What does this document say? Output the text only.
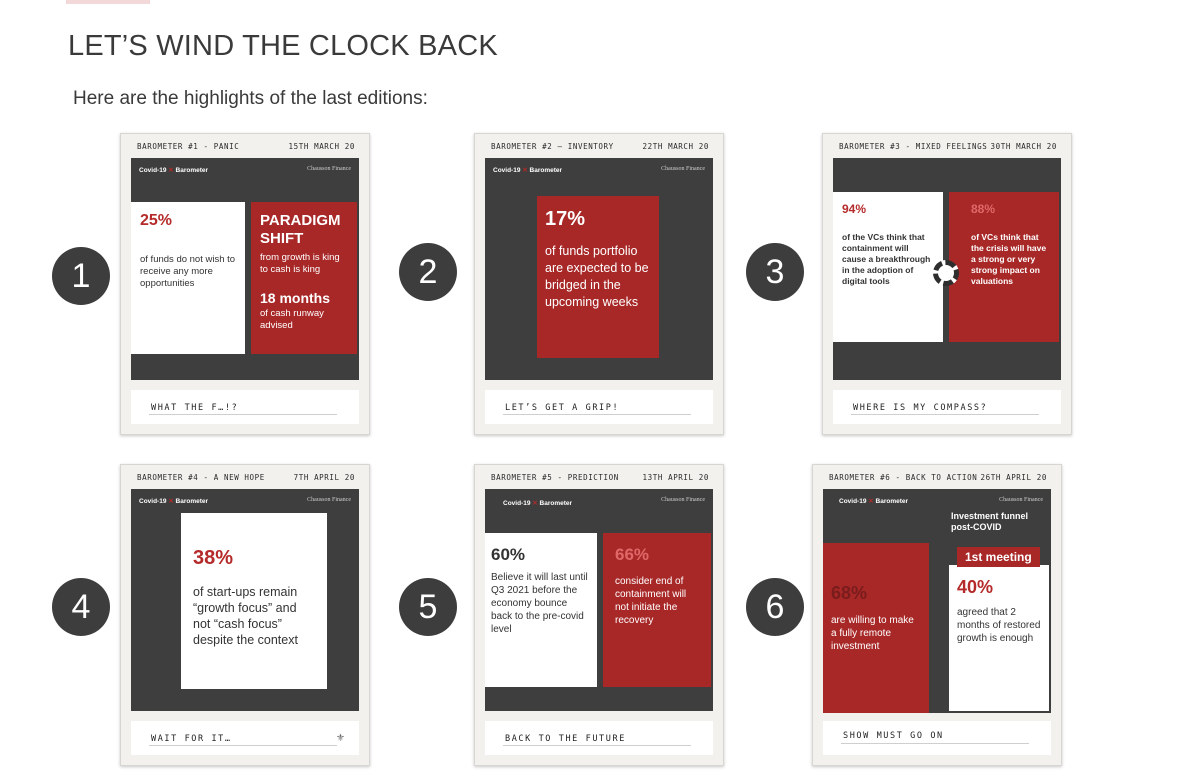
LET’S WIND THE CLOCK BACK

Here are the highlights of the last editions:

1	2	3
4	5	6
BAROMETER #1 - PANIC	15TH MARCH 20
Covid-19 ✕ Barometer	Chausson Finance
25%
of funds do not wish to receive any more opportunities
PARADIGM SHIFT
from growth is king to cash is king
18 months
of cash runway advised
WHAT THE F…!?
BAROMETER #2 — INVENTORY	22TH MARCH 20
Covid-19 ✕ Barometer	Chausson Finance
17%
of funds portfolio are expected to be bridged in the upcoming weeks
LET’S GET A GRIP!
BAROMETER #3 - MIXED FEELINGS 30TH MARCH 20
94%
of the VCs think that containment will cause a breakthrough in the adoption of digital tools
88%
of VCs think that the crisis will have a strong or very strong impact on valuations
WHERE IS MY COMPASS?
BAROMETER #4 - A NEW HOPE	7TH APRIL 20
Covid-19 ✕ Barometer	Chausson Finance
38%
of start-ups remain “growth focus” and not “cash focus” despite the context
WAIT FOR IT…	⚜
BAROMETER #5 - PREDICTION	13TH APRIL 20
Covid-19 ✕ Barometer	Chausson Finance
60%
Believe it will last until Q3 2021 before the economy bounce back to the pre-covid level
66%
consider end of containment will not initiate the recovery
BACK TO THE FUTURE
BAROMETER #6 - BACK TO ACTION 26TH APRIL 20
Covid-19 ✕ Barometer	Chausson Finance
Investment funnel
post-COVID
68%
are willing to make a fully remote investment
40%
agreed that 2 months of restored growth is enough
1st meeting
SHOW MUST GO ON
